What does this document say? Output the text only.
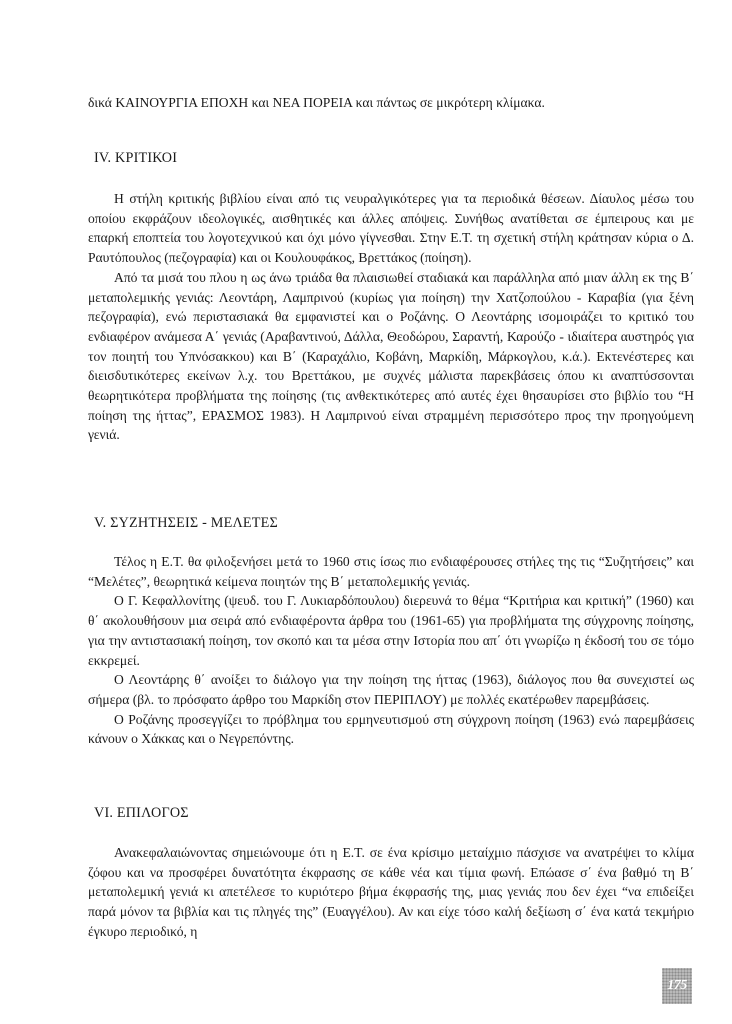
δικά ΚΑΙΝΟΥΡΓΙΑ ΕΠΟΧΗ και ΝΕΑ ΠΟΡΕΙΑ και πάντως σε μικρότερη κλίμακα.
IV. ΚΡΙΤΙΚΟΙ

Η στήλη κριτικής βιβλίου είναι από τις νευραλγικότερες για τα περιοδικά θέσεων. Δίαυλος μέσω του οποίου εκφράζουν ιδεολογικές, αισθητικές και άλλες απόψεις. Συνήθως ανατίθεται σε έμπειρους και με επαρκή εποπτεία του λογοτεχνικού και όχι μόνο γίγνεσθαι. Στην Ε.Τ. τη σχετική στήλη κράτησαν κύρια ο Δ. Ραυτόπουλος (πεζογραφία) και οι Κουλουφάκος, Βρεττάκος (ποίηση).

Από τα μισά του πλου η ως άνω τριάδα θα πλαισιωθεί σταδιακά και παράλληλα από μιαν άλλη εκ της Β΄ μεταπολεμικής γενιάς: Λεοντάρη, Λαμπρινού (κυρίως για ποίηση) την Χατζοπούλου - Καραβία (για ξένη πεζογραφία), ενώ περιστασιακά θα εμφανιστεί και ο Ροζάνης. Ο Λεοντάρης ισομοιράζει το κριτικό του ενδιαφέρον ανάμεσα Α΄ γενιάς (Αραβαντινού, Δάλλα, Θεοδώρου, Σαραντή, Καρούζο - ιδιαίτερα αυστηρός για τον ποιητή του Υπνόσακκου) και Β΄ (Καραχάλιο, Κοβάνη, Μαρκίδη, Μάρκογλου, κ.ά.). Εκτενέστερες και διεισδυτικότερες εκείνων λ.χ. του Βρεττάκου, με συχνές μάλιστα παρεκβάσεις όπου κι αναπτύσσονται θεωρητικότερα προβλήματα της ποίησης (τις ανθεκτικότερες από αυτές έχει θησαυρίσει στο βιβλίο του “Η ποίηση της ήττας”, ΕΡΑΣΜΟΣ 1983). Η Λαμπρινού είναι στραμμένη περισσότερο προς την προηγούμενη γενιά.

V. ΣΥΖΗΤΗΣΕΙΣ - ΜΕΛΕΤΕΣ

Τέλος η Ε.Τ. θα φιλοξενήσει μετά το 1960 στις ίσως πιο ενδιαφέρουσες στήλες της τις “Συζητήσεις” και “Μελέτες”, θεωρητικά κείμενα ποιητών της Β΄ μεταπολεμικής γενιάς.

Ο Γ. Κεφαλλονίτης (ψευδ. του Γ. Λυκιαρδόπουλου) διερευνά το θέμα “Κριτήρια και κριτική” (1960) και θ΄ ακολουθήσουν μια σειρά από ενδιαφέροντα άρθρα του (1961-65) για προβλήματα της σύγχρονης ποίησης, για την αντιστασιακή ποίηση, τον σκοπό και τα μέσα στην Ιστορία που απ΄ ότι γνωρίζω η έκδοσή του σε τόμο εκκρεμεί.

Ο Λεοντάρης θ΄ ανοίξει το διάλογο για την ποίηση της ήττας (1963), διάλογος που θα συνεχιστεί ως σήμερα (βλ. το πρόσφατο άρθρο του Μαρκίδη στον ΠΕΡΙΠΛΟΥ) με πολλές εκατέρωθεν παρεμβάσεις.

Ο Ροζάνης προσεγγίζει το πρόβλημα του ερμηνευτισμού στη σύγχρονη ποίηση (1963) ενώ παρεμβάσεις κάνουν ο Χάκκας και ο Νεγρεπόντης.

VI. ΕΠΙΛΟΓΟΣ

Ανακεφαλαιώνοντας σημειώνουμε ότι η Ε.Τ. σε ένα κρίσιμο μεταίχμιο πάσχισε να ανατρέψει το κλίμα ζόφου και να προσφέρει δυνατότητα έκφρασης σε κάθε νέα και τίμια φωνή. Επώασε σ΄ ένα βαθμό τη Β΄ μεταπολεμική γενιά κι απετέλεσε το κυριότερο βήμα έκφρασής της, μιας γενιάς που δεν έχει “να επιδείξει παρά μόνον τα βιβλία και τις πληγές της” (Ευαγγέλου). Αν και είχε τόσο καλή δεξίωση σ΄ ένα κατά τεκμήριο έγκυρο περιοδικό, η

175
